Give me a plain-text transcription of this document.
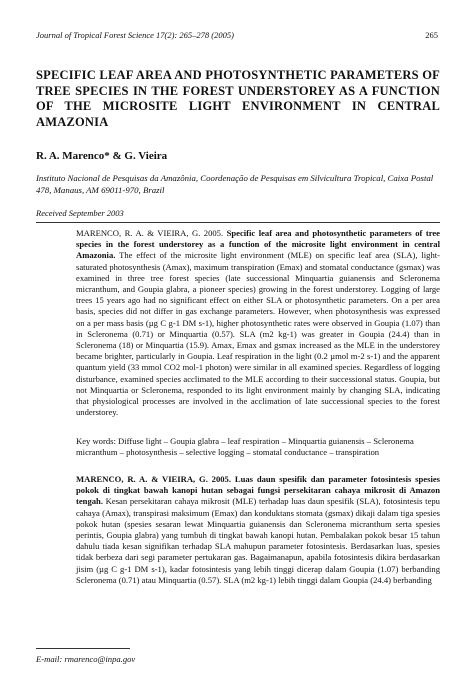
Journal of Tropical Forest Science 17(2): 265–278 (2005)	265
SPECIFIC LEAF AREA AND PHOTOSYNTHETIC PARAMETERS OF TREE SPECIES IN THE FOREST UNDERSTOREY AS A FUNCTION OF THE MICROSITE LIGHT ENVIRONMENT IN CENTRAL AMAZONIA
R. A. Marenco* & G. Vieira
Instituto Nacional de Pesquisas da Amazônia, Coordenação de Pesquisas em Silvicultura Tropical, Caixa Postal 478, Manaus, AM 69011-970, Brazil
Received September 2003
MARENCO, R. A. & VIEIRA, G. 2005. Specific leaf area and photosynthetic parameters of tree species in the forest understorey as a function of the microsite light environment in central Amazonia. The effect of the microsite light environment (MLE) on specific leaf area (SLA), light-saturated photosynthesis (Amax), maximum transpiration (Emax) and stomatal conductance (gsmax) was examined in three tree forest species (late successional Minquartia guianensis and Scleronema micranthum, and Goupia glabra, a pioneer species) growing in the forest understorey. Logging of large trees 15 years ago had no significant effect on either SLA or photosynthetic parameters. On a per area basis, species did not differ in gas exchange parameters. However, when photosynthesis was expressed on a per mass basis (µg C g-1 DM s-1), higher photosynthetic rates were observed in Goupia (1.07) than in Scleronema (0.71) or Minquartia (0.57). SLA (m2 kg-1) was greater in Goupia (24.4) than in Scleronema (18) or Minquartia (15.9). Amax, Emax and gsmax increased as the MLE in the understorey became brighter, particularly in Goupia. Leaf respiration in the light (0.2 µmol m-2 s-1) and the apparent quantum yield (33 mmol CO2 mol-1 photon) were similar in all examined species. Regardless of logging disturbance, examined species acclimated to the MLE according to their successional status. Goupia, but not Minquartia or Scleronema, responded to its light environment mainly by changing SLA, indicating that physiological processes are involved in the acclimation of late successional species to the forest understorey.
Key words: Diffuse light – Goupia glabra – leaf respiration – Minquartia guianensis – Scleronema micranthum – photosynthesis – selective logging – stomatal conductance – transpiration
MARENCO, R. A. & VIEIRA, G. 2005. Luas daun spesifik dan parameter fotosintesis spesies pokok di tingkat bawah kanopi hutan sebagai fungsi persekitaran cahaya mikrosit di Amazon tengah. Kesan persekitaran cahaya mikrosit (MLE) terhadap luas daun spesifik (SLA), fotosintesis tepu cahaya (Amax), transpirasi maksimum (Emax) dan konduktans stomata (gsmax) dikaji dalam tiga spesies pokok hutan (spesies sesaran lewat Minquartia guianensis dan Scleronema micranthum serta spesies perintis, Goupia glabra) yang tumbuh di tingkat bawah kanopi hutan. Pembalakan pokok besar 15 tahun dahulu tiada kesan signifikan terhadap SLA mahupun parameter fotosintesis. Berdasarkan luas, spesies tidak berbeza dari segi parameter pertukaran gas. Bagaimanapun, apabila fotosintesis dikira berdasarkan jisim (µg C g-1 DM s-1), kadar fotosintesis yang lebih tinggi dicerap dalam Goupia (1.07) berbanding Scleronema (0.71) atau Minquartia (0.57). SLA (m2 kg-1) lebih tinggi dalam Goupia (24.4) berbanding
E-mail: rmarenco@inpa.gov
